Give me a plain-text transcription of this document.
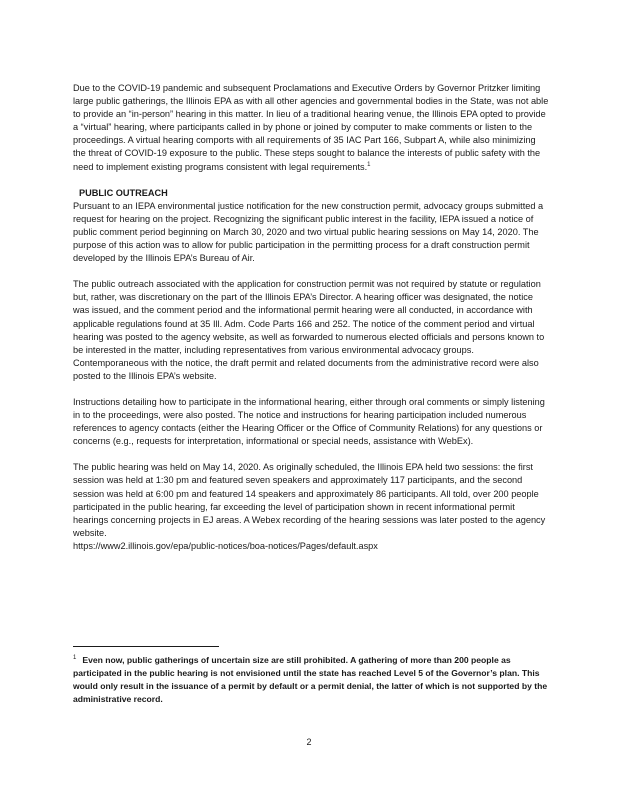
Due to the COVID-19 pandemic and subsequent Proclamations and Executive Orders by Governor Pritzker limiting large public gatherings, the Illinois EPA as with all other agencies and governmental bodies in the State, was not able to provide an “in-person” hearing in this matter. In lieu of a traditional hearing venue, the Illinois EPA opted to provide a “virtual” hearing, where participants called in by phone or joined by computer to make comments or listen to the proceedings. A virtual hearing comports with all requirements of 35 IAC Part 166, Subpart A, while also minimizing the threat of COVID-19 exposure to the public. These steps sought to balance the interests of public safety with the need to implement existing programs consistent with legal requirements.$^1$

PUBLIC OUTREACH

Pursuant to an IEPA environmental justice notification for the new construction permit, advocacy groups submitted a request for hearing on the project. Recognizing the significant public interest in the facility, IEPA issued a notice of public comment period beginning on March 30, 2020 and two virtual public hearing sessions on May 14, 2020. The purpose of this action was to allow for public participation in the permitting process for a draft construction permit developed by the Illinois EPA’s Bureau of Air.

The public outreach associated with the application for construction permit was not required by statute or regulation but, rather, was discretionary on the part of the Illinois EPA’s Director. A hearing officer was designated, the notice was issued, and the comment period and the informational permit hearing were all conducted, in accordance with applicable regulations found at 35 Ill. Adm. Code Parts 166 and 252. The notice of the comment period and virtual hearing was posted to the agency website, as well as forwarded to numerous elected officials and persons known to be interested in the matter, including representatives from various environmental advocacy groups. Contemporaneous with the notice, the draft permit and related documents from the administrative record were also posted to the Illinois EPA’s website.

Instructions detailing how to participate in the informational hearing, either through oral comments or simply listening in to the proceedings, were also posted. The notice and instructions for hearing participation included numerous references to agency contacts (either the Hearing Officer or the Office of Community Relations) for any questions or concerns (e.g., requests for interpretation, informational or special needs, assistance with WebEx).

The public hearing was held on May 14, 2020. As originally scheduled, the Illinois EPA held two sessions: the first session was held at 1:30 pm and featured seven speakers and approximately 117 participants, and the second session was held at 6:00 pm and featured 14 speakers and approximately 86 participants. All told, over 200 people participated in the public hearing, far exceeding the level of participation shown in recent informational permit hearings concerning projects in EJ areas. A Webex recording of the hearing sessions was later posted to the agency website.

https://www2.illinois.gov/epa/public-notices/boa-notices/Pages/default.aspx

$^1$ Even now, public gatherings of uncertain size are still prohibited. A gathering of more than 200 people as participated in the public hearing is not envisioned until the state has reached Level 5 of the Governor’s plan. This would only result in the issuance of a permit by default or a permit denial, the latter of which is not supported by the administrative record.
2
